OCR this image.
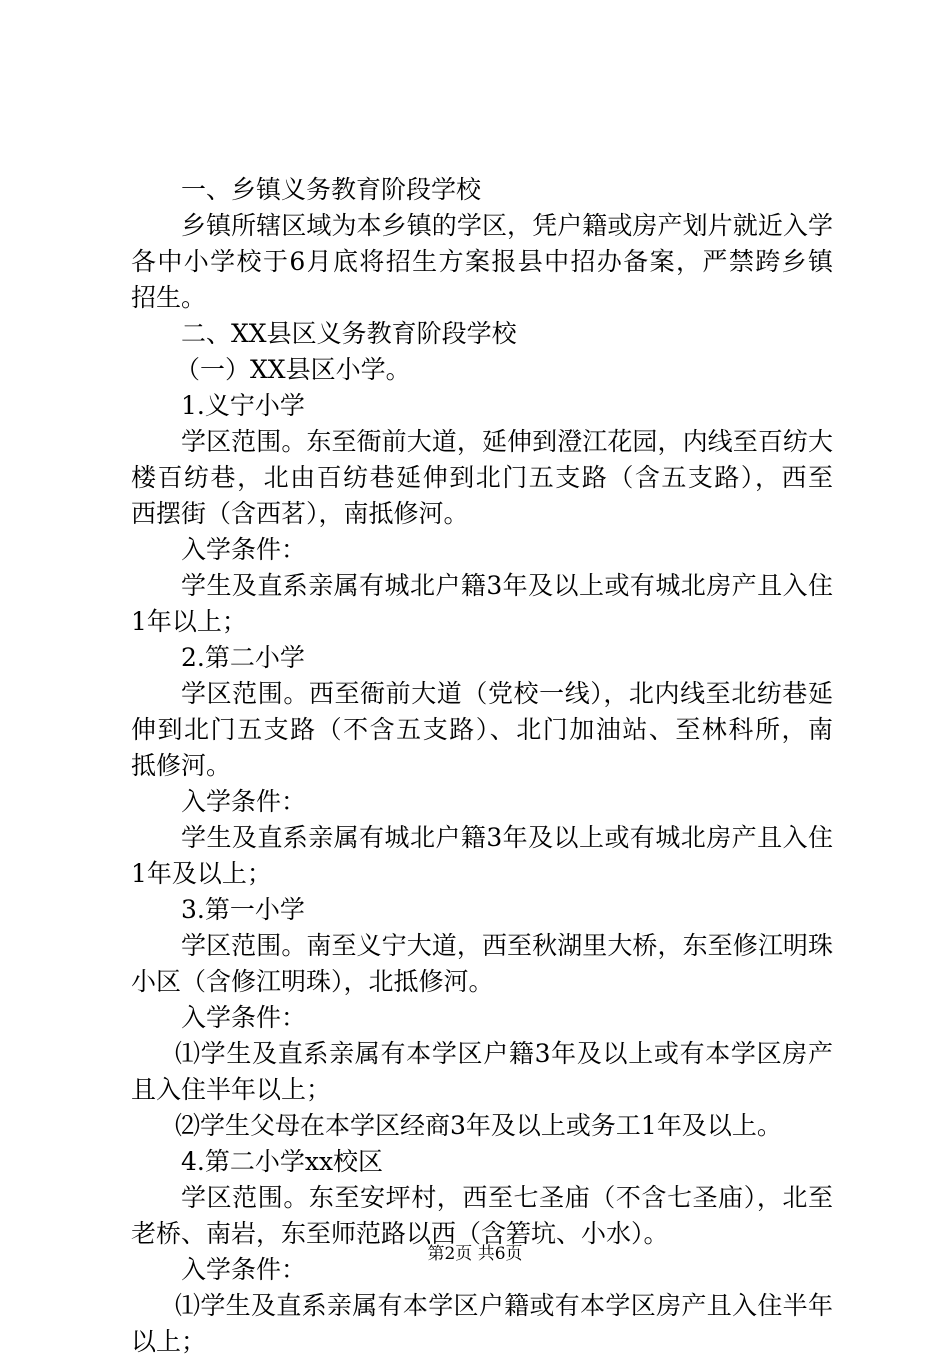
一、乡镇义务教育阶段学校
乡镇所辖区域为本乡镇的学区，凭户籍或房产划片就近入学
各中小学校于6月底将招生方案报县中招办备案，严禁跨乡镇
招生。
二、XX县区义务教育阶段学校
（一）XX县区小学。
1.义宁小学
学区范围。东至衙前大道，延伸到澄江花园，内线至百纺大
楼百纺巷，北由百纺巷延伸到北门五支路（含五支路），西至
西摆街（含西茗），南抵修河。
入学条件：
学生及直系亲属有城北户籍3年及以上或有城北房产且入住
1年以上；
2.第二小学
学区范围。西至衙前大道（党校一线），北内线至北纺巷延
伸到北门五支路（不含五支路）、北门加油站、至林科所，南
抵修河。
入学条件：
学生及直系亲属有城北户籍3年及以上或有城北房产且入住
1年及以上；
3.第一小学
学区范围。南至义宁大道，西至秋湖里大桥，东至修江明珠
小区（含修江明珠），北抵修河。
入学条件：
⑴学生及直系亲属有本学区户籍3年及以上或有本学区房产
且入住半年以上；
⑵学生父母在本学区经商3年及以上或务工1年及以上。
4.第二小学xx校区
学区范围。东至安坪村，西至七圣庙（不含七圣庙），北至
老桥、南岩，东至师范路以西（含箬坑、小水）。
入学条件：
⑴学生及直系亲属有本学区户籍或有本学区房产且入住半年
以上；
第2页 共6页
